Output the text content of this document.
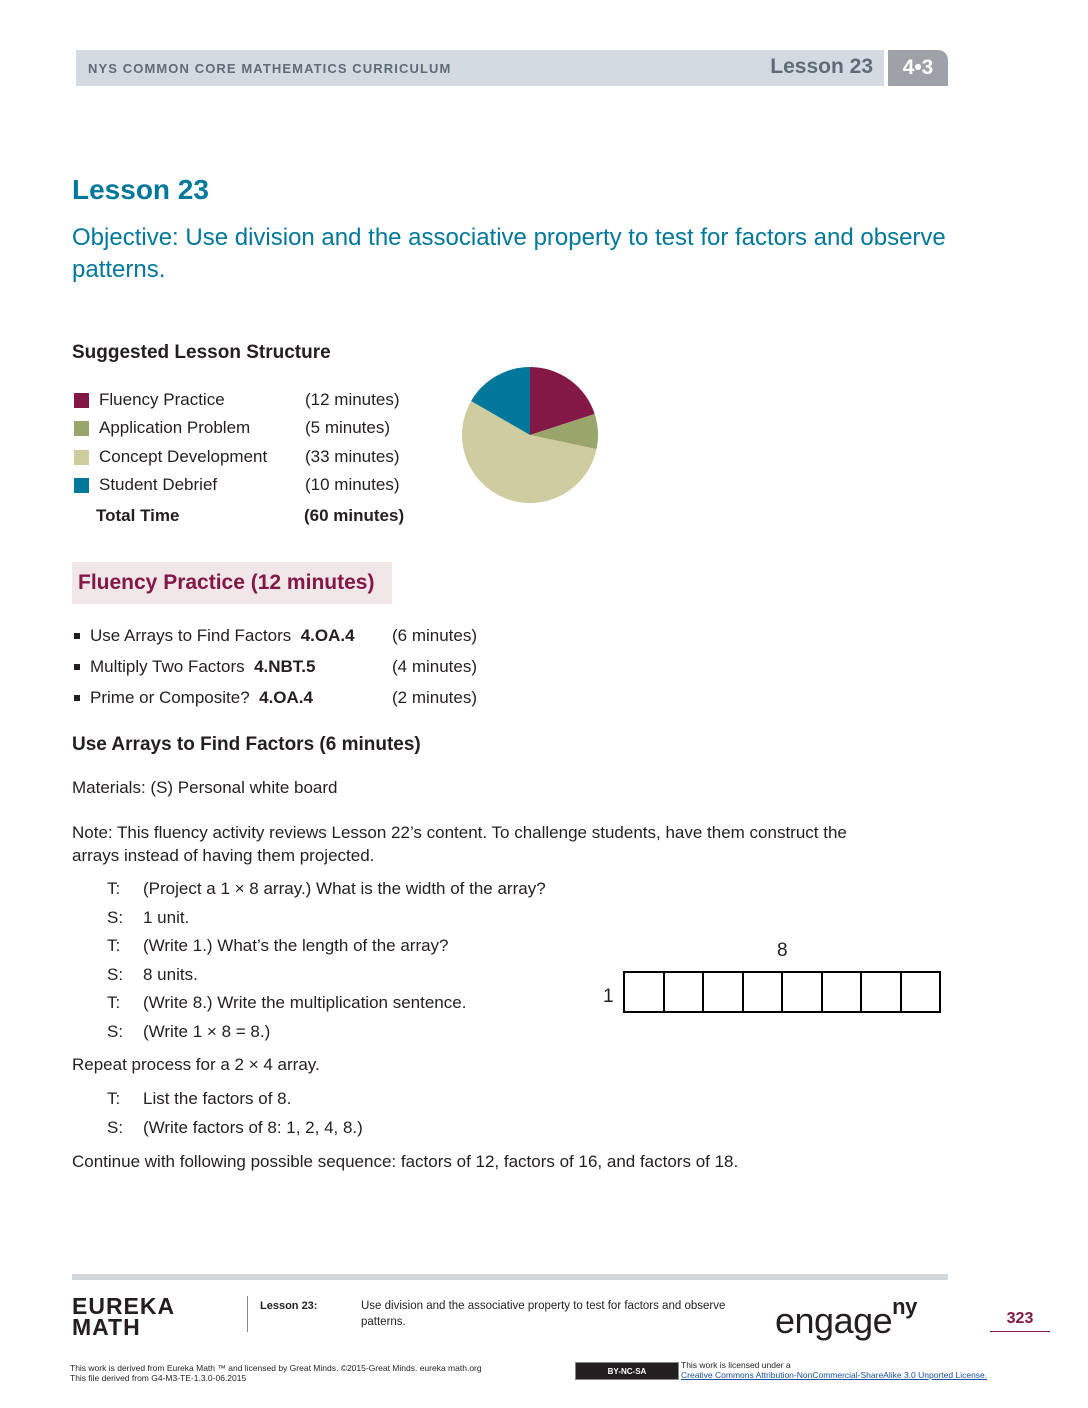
NYS COMMON CORE MATHEMATICS CURRICULUM	Lesson 23	4•3
Lesson 23
Objective: Use division and the associative property to test for factors and observe patterns.
Suggested Lesson Structure
Fluency Practice	(12 minutes)
Application Problem	(5 minutes)
Concept Development	(33 minutes)
Student Debrief	(10 minutes)
Total Time	(60 minutes)
Fluency Practice (12 minutes)
Use Arrays to Find Factors 4.OA.4	(6 minutes)
Multiply Two Factors 4.NBT.5	(4 minutes)
Prime or Composite? 4.OA.4	(2 minutes)
Use Arrays to Find Factors (6 minutes)
Materials: (S) Personal white board
Note: This fluency activity reviews Lesson 22’s content. To challenge students, have them construct the
arrays instead of having them projected.
T:	(Project a 1 × 8 array.) What is the width of the array?
S:	1 unit.
T:	(Write 1.) What’s the length of the array?
S:	8 units.
T:	(Write 8.) Write the multiplication sentence.
S:	(Write 1 × 8 = 8.)
Repeat process for a 2 × 4 array.
T:	List the factors of 8.
S:	(Write factors of 8: 1, 2, 4, 8.)
Continue with following possible sequence: factors of 12, factors of 16, and factors of 18.
8
1
EUREKA
MATH
Lesson 23:	Use division and the associative property to test for factors and observe patterns.	engage$^{ny}$	323
This work is derived from Eureka Math ™ and licensed by Great Minds. ©2015-Great Minds. eureka math.org
This file derived from G4-M3-TE-1.3.0-06.2015
BY-NC-SA
This work is licensed under a
Creative Commons Attribution-NonCommercial-ShareAlike 3.0 Unported License.
